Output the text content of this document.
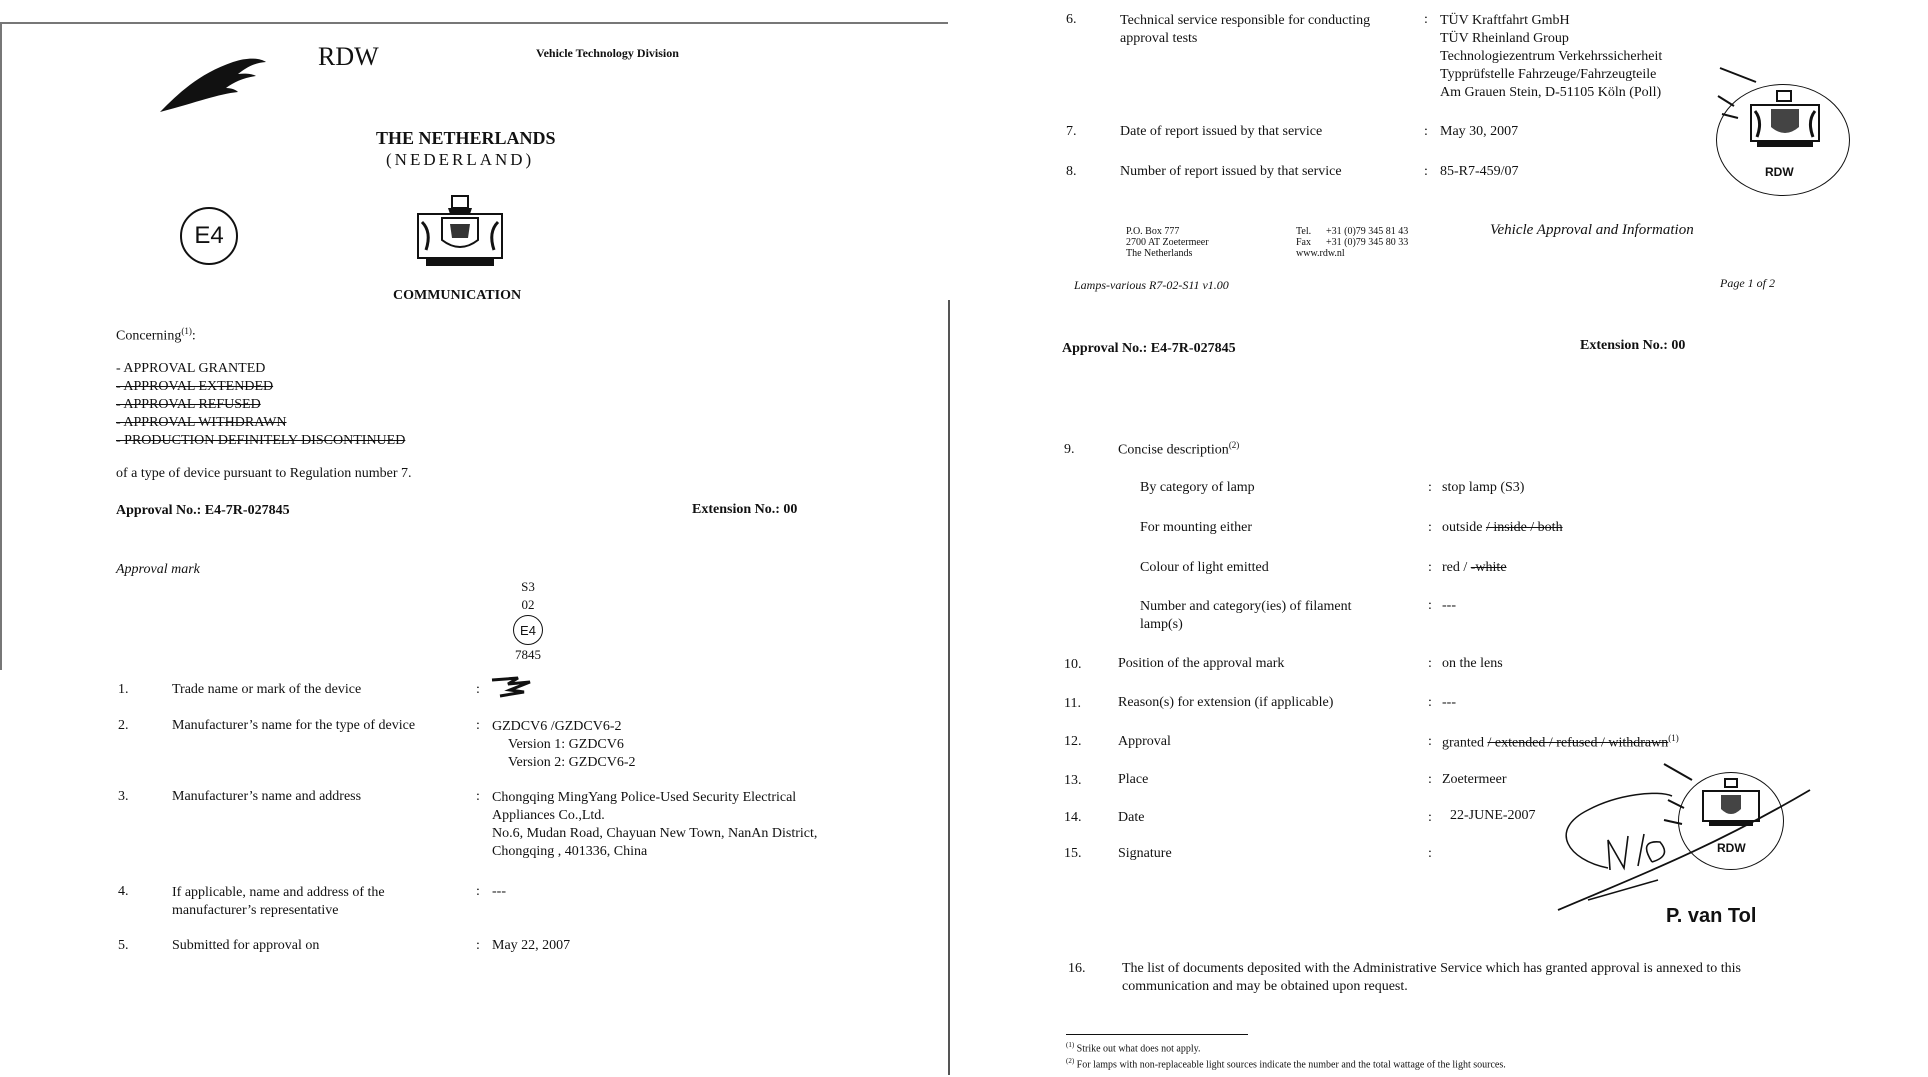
RDW	Vehicle Technology Division
THE NETHERLANDS
(NEDERLAND)
E4
COMMUNICATION
Concerning$^{(1)}$:
- APPROVAL GRANTED
- APPROVAL EXTENDED
- APPROVAL REFUSED
- APPROVAL WITHDRAWN
- PRODUCTION DEFINITELY DISCONTINUED
of a type of device pursuant to Regulation number 7.
Approval No.: E4-7R-027845	Extension No.: 00
Approval mark
S3
02
E4
7845
1.	Trade name or mark of the device	:
2.	Manufacturer’s name for the type of device	: GZDCV6 /GZDCV6-2
Version 1: GZDCV6
Version 2: GZDCV6-2
3.	Manufacturer’s name and address	: Chongqing MingYang Police-Used Security Electrical
Appliances Co.,Ltd.
No.6, Mudan Road, Chayuan New Town, NanAn District,
Chongqing , 401336, China
4.	If applicable, name and address of the
manufacturer’s representative
: ---
5.	Submitted for approval on	: May 22, 2007
6.	Technical service responsible for conducting
approval tests
: TÜV Kraftfahrt GmbH
TÜV Rheinland Group
Technologiezentrum Verkehrssicherheit
Typprüfstelle Fahrzeuge/Fahrzeugteile
Am Grauen Stein, D-51105 Köln (Poll)
7.	Date of report issued by that service	: May 30, 2007
8.	Number of report issued by that service	: 85-R7-459/07	RDW
P.O. Box 777
2700 AT Zoetermeer
The Netherlands
Tel. +31 (0)79 345 81 43
Fax +31 (0)79 345 80 33
www.rdw.nl
Vehicle Approval and Information
Lamps-various R7-02-S11 v1.00	Page 1 of 2
Approval No.: E4-7R-027845	Extension No.: 00
9.	Concise description$^{(2)}$
By category of lamp	: stop lamp (S3)
For mounting either	: outside / inside / both
Colour of light emitted	: red / -white
Number and category(ies) of filament
lamp(s)
: ---
10.	Position of the approval mark	: on the lens
11.	Reason(s) for extension (if applicable)	: ---
12.	Approval	: granted / extended / refused / withdrawn$^{(1)}$
13.	Place	: Zoetermeer
14.	Date	: 22-JUNE-2007
15.	Signature	:	RDW
P. van Tol
16.	The list of documents deposited with the Administrative Service which has granted approval is annexed to this
communication and may be obtained upon request.
$^{(1)}$ Strike out what does not apply.
$^{(2)}$ For lamps with non-replaceable light sources indicate the number and the total wattage of the light sources.
